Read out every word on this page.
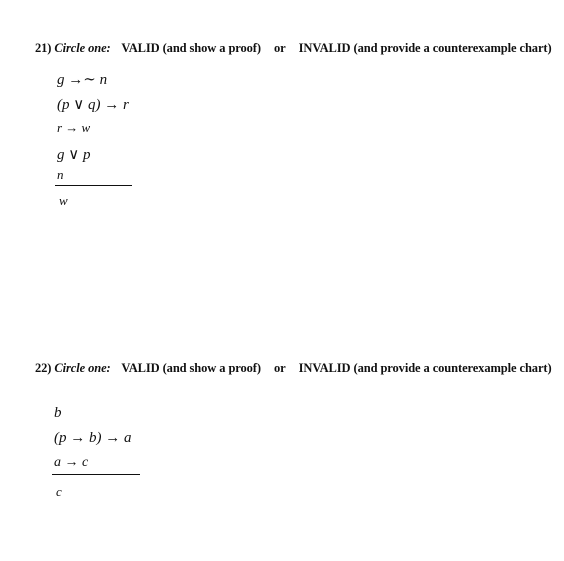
21) Circle one: VALID (and show a proof) or INVALID (and provide a counterexample chart)
g →∼ n
(p ∨ q) → r
r → w
g ∨ p
n
w
22) Circle one: VALID (and show a proof) or INVALID (and provide a counterexample chart)
b
(p → b) → a
a → c
c
